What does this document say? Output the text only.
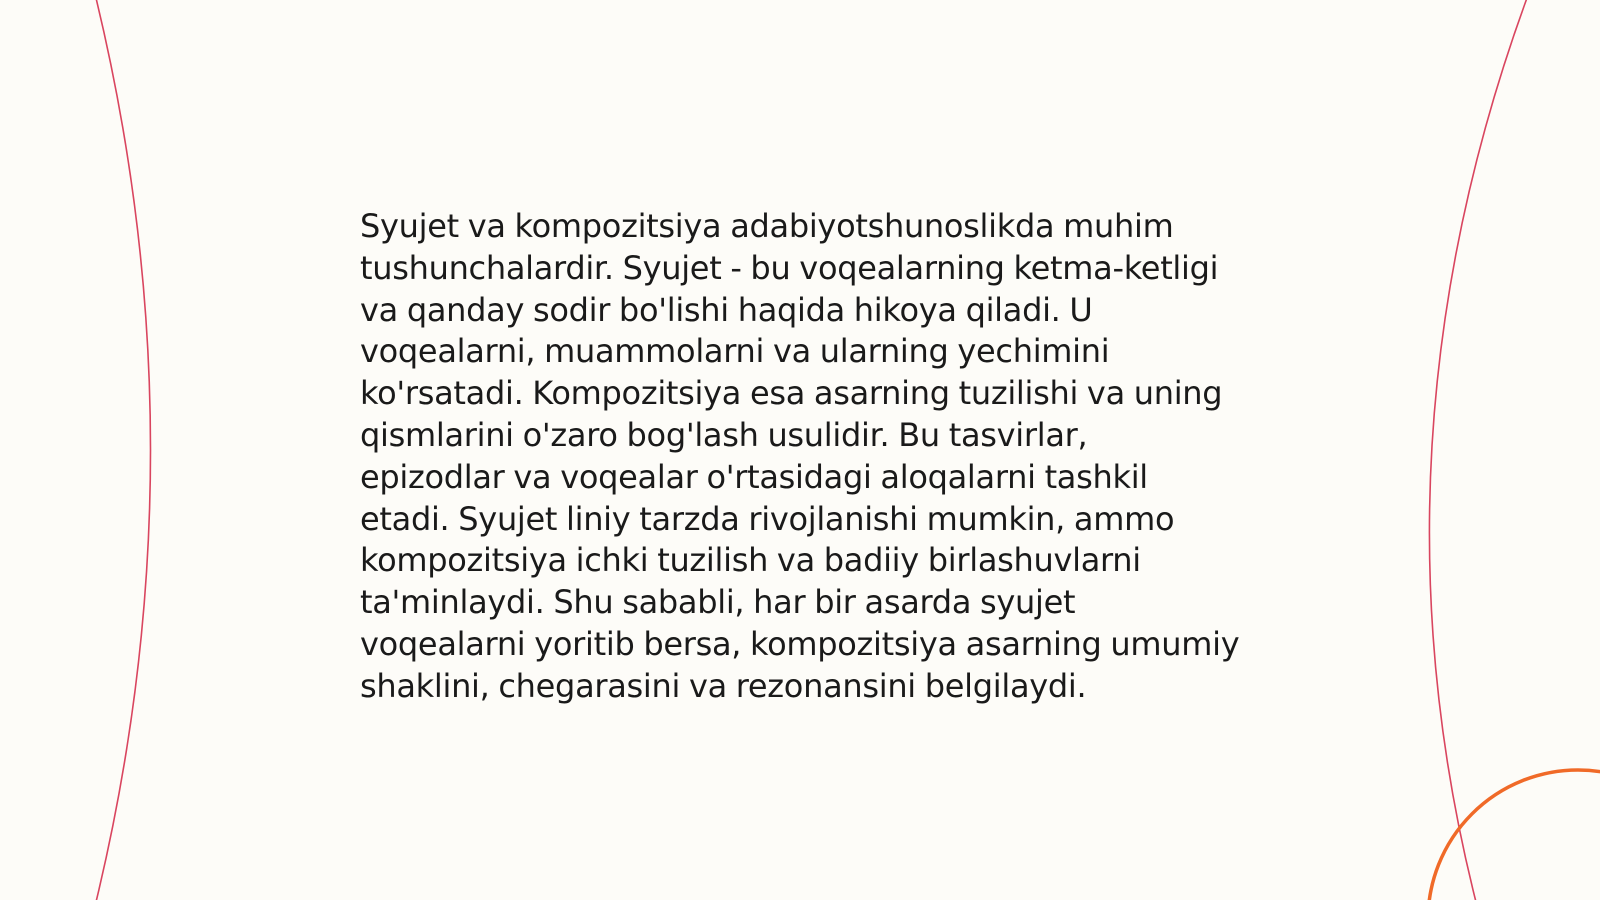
Syujet va kompozitsiya adabiyotshunoslikda muhim tushunchalardir. Syujet - bu voqealarning ketma-ketligi va qanday sodir bo'lishi haqida hikoya qiladi. U voqealarni, muammolarni va ularning yechimini ko'rsatadi. Kompozitsiya esa asarning tuzilishi va uning qismlarini o'zaro bog'lash usulidir. Bu tasvirlar, epizodlar va voqealar o'rtasidagi aloqalarni tashkil etadi. Syujet liniy tarzda rivojlanishi mumkin, ammo kompozitsiya ichki tuzilish va badiiy birlashuvlarni ta'minlaydi. Shu sababli, har bir asarda syujet voqealarni yoritib bersa, kompozitsiya asarning umumiy shaklini, chegarasini va rezonansini belgilaydi.
